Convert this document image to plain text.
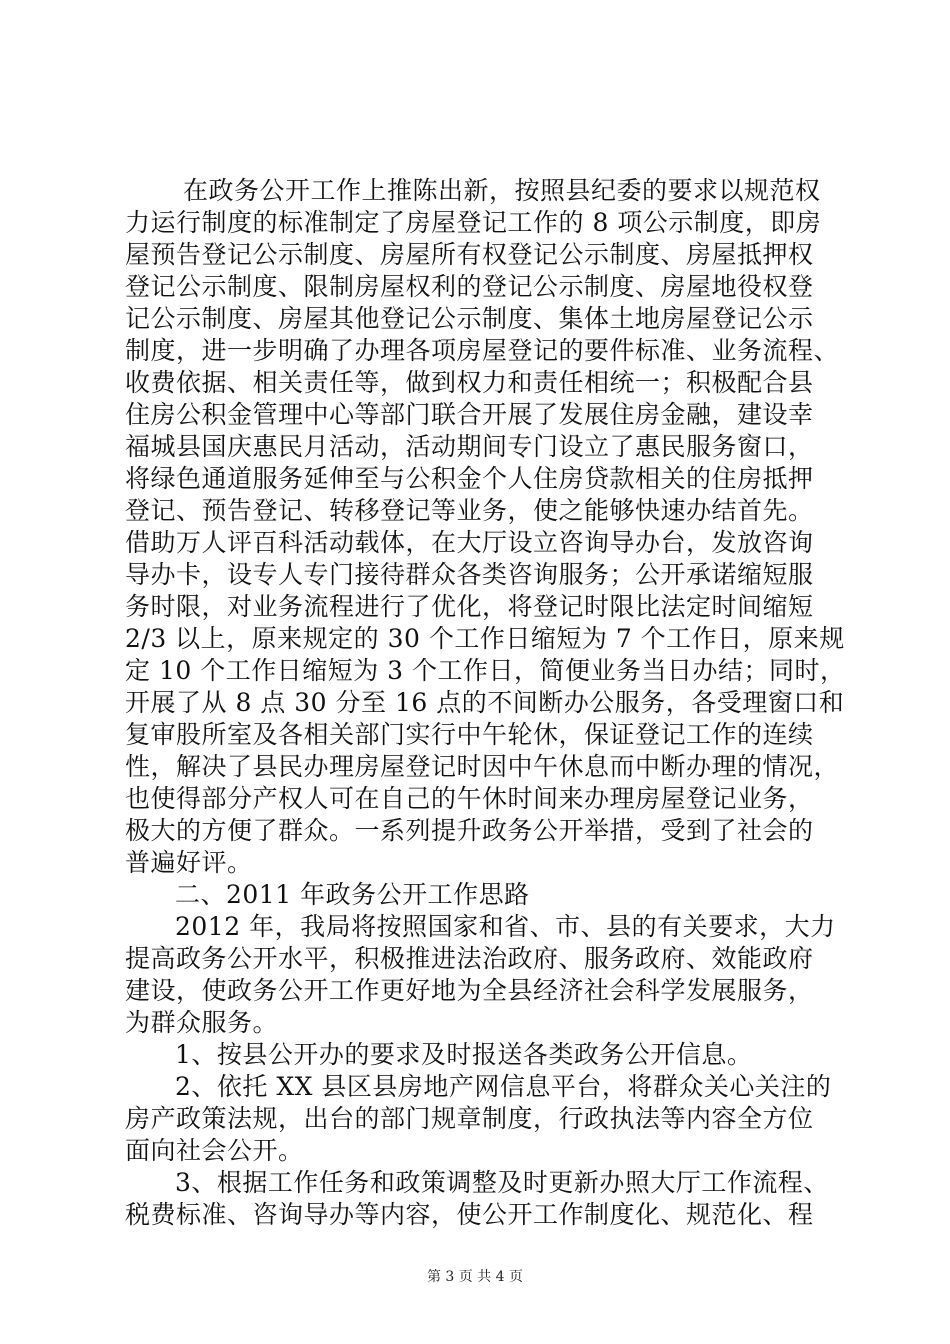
在政务公开工作上推陈出新，按照县纪委的要求以规范权
力运行制度的标准制定了房屋登记工作的 8 项公示制度，即房
屋预告登记公示制度、房屋所有权登记公示制度、房屋抵押权
登记公示制度、限制房屋权利的登记公示制度、房屋地役权登
记公示制度、房屋其他登记公示制度、集体土地房屋登记公示
制度，进一步明确了办理各项房屋登记的要件标准、业务流程、
收费依据、相关责任等，做到权力和责任相统一；积极配合县
住房公积金管理中心等部门联合开展了发展住房金融，建设幸
福城县国庆惠民月活动，活动期间专门设立了惠民服务窗口，
将绿色通道服务延伸至与公积金个人住房贷款相关的住房抵押
登记、预告登记、转移登记等业务，使之能够快速办结首先。
借助万人评百科活动载体，在大厅设立咨询导办台，发放咨询
导办卡，设专人专门接待群众各类咨询服务；公开承诺缩短服
务时限，对业务流程进行了优化，将登记时限比法定时间缩短
2/3 以上，原来规定的 30 个工作日缩短为 7 个工作日，原来规
定 10 个工作日缩短为 3 个工作日，简便业务当日办结；同时，
开展了从 8 点 30 分至 16 点的不间断办公服务，各受理窗口和
复审股所室及各相关部门实行中午轮休，保证登记工作的连续
性，解决了县民办理房屋登记时因中午休息而中断办理的情况，
也使得部分产权人可在自己的午休时间来办理房屋登记业务，
极大的方便了群众。一系列提升政务公开举措，受到了社会的
普遍好评。
二、2011 年政务公开工作思路
2012 年，我局将按照国家和省、市、县的有关要求，大力
提高政务公开水平，积极推进法治政府、服务政府、效能政府
建设，使政务公开工作更好地为全县经济社会科学发展服务，
为群众服务。
1、按县公开办的要求及时报送各类政务公开信息。
2、依托 XX 县区县房地产网信息平台，将群众关心关注的
房产政策法规，出台的部门规章制度，行政执法等内容全方位
面向社会公开。
3、根据工作任务和政策调整及时更新办照大厅工作流程、
税费标准、咨询导办等内容，使公开工作制度化、规范化、程
第 3 页 共 4 页
